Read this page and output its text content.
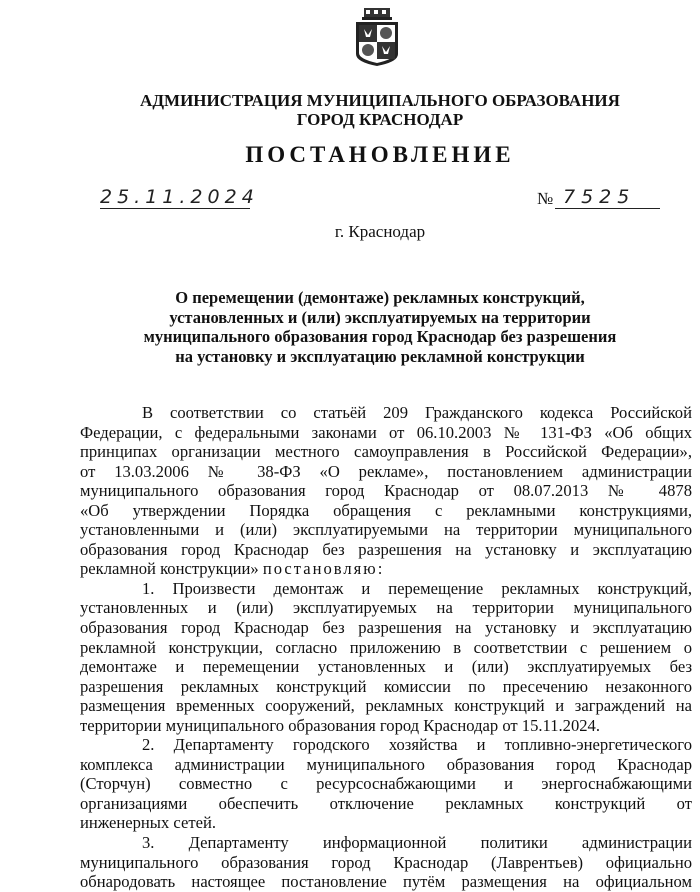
АДМИНИСТРАЦИЯ МУНИЦИПАЛЬНОГО ОБРАЗОВАНИЯ
ГОРОД КРАСНОДАР
ПОСТАНОВЛЕНИЕ
25.11.2024	№ 7525
г. Краснодар
О перемещении (демонтаже) рекламных конструкций,
установленных и (или) эксплуатируемых на территории
муниципального образования город Краснодар без разрешения
на установку и эксплуатацию рекламной конструкции
В соответствии со статьёй 209 Гражданского кодекса Российской
Федерации, с федеральными законами от 06.10.2003 № 131-ФЗ «Об общих
принципах организации местного самоуправления в Российской Федерации»,
от 13.03.2006 № 38-ФЗ «О рекламе», постановлением администрации
муниципального образования город Краснодар от 08.07.2013 № 4878
«Об утверждении Порядка обращения с рекламными конструкциями,
установленными и (или) эксплуатируемыми на территории муниципального
образования город Краснодар без разрешения на установку и эксплуатацию
рекламной конструкции» постановляю:
1. Произвести демонтаж и перемещение рекламных конструкций,
установленных и (или) эксплуатируемых на территории муниципального
образования город Краснодар без разрешения на установку и эксплуатацию
рекламной конструкции, согласно приложению в соответствии с решением о
демонтаже и перемещении установленных и (или) эксплуатируемых без
разрешения рекламных конструкций комиссии по пресечению незаконного
размещения временных сооружений, рекламных конструкций и заграждений на
территории муниципального образования город Краснодар от 15.11.2024.
2. Департаменту городского хозяйства и топливно-энергетического
комплекса администрации муниципального образования город Краснодар
(Сторчун) совместно с ресурсоснабжающими и энергоснабжающими
организациями обеспечить отключение рекламных конструкций от
инженерных сетей.
3. Департаменту информационной политики администрации
муниципального образования город Краснодар (Лаврентьев) официально
обнародовать настоящее постановление путём размещения на официальном
